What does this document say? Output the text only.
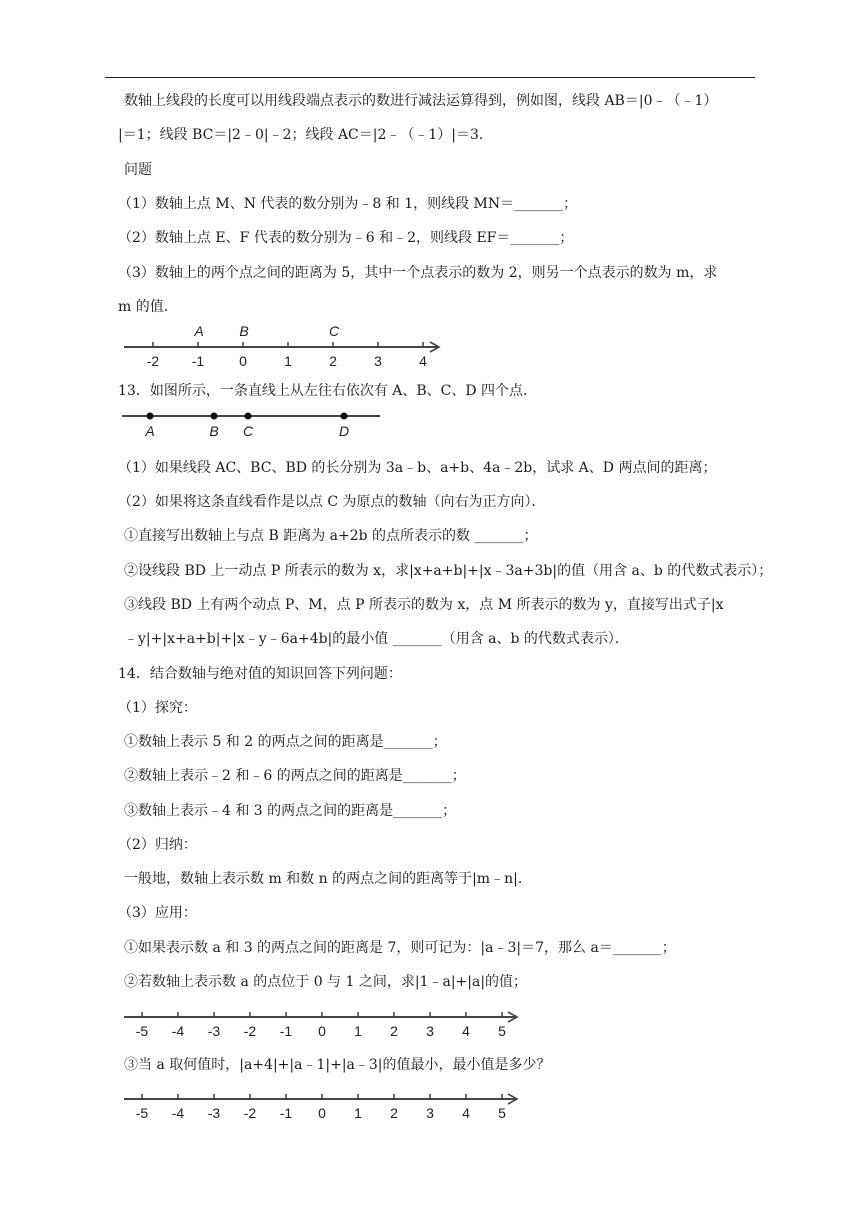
数轴上线段的长度可以用线段端点表示的数进行减法运算得到，例如图，线段 AB＝|0﹣（﹣1）
|＝1；线段 BC＝|2﹣0|﹣2；线段 AC＝|2﹣（﹣1）|＝3．
问题
（1）数轴上点 M、N 代表的数分别为﹣8 和 1，则线段 MN＝_______；
（2）数轴上点 E、F 代表的数分别为﹣6 和﹣2，则线段 EF＝_______；
（3）数轴上的两个点之间的距离为 5，其中一个点表示的数为 2，则另一个点表示的数为 m，求
m 的值．
-2 -1 0	1	2	3	4
A	B	C
13．如图所示，一条直线上从左往右依次有 A、B、C、D 四个点．
A	B C	D
（1）如果线段 AC、BC、BD 的长分别为 3a﹣b、a+b、4a﹣2b，试求 A、D 两点间的距离；
（2）如果将这条直线看作是以点 C 为原点的数轴（向右为正方向）．
①直接写出数轴上与点 B 距离为 a+2b 的点所表示的数 _______；
②设线段 BD 上一动点 P 所表示的数为 x，求|x+a+b|+|x﹣3a+3b|的值（用含 a、b 的代数式表示）；
③线段 BD 上有两个动点 P、M，点 P 所表示的数为 x，点 M 所表示的数为 y，直接写出式子|x
﹣y|+|x+a+b|+|x﹣y﹣6a+4b|的最小值 _______（用含 a、b 的代数式表示）．
14．结合数轴与绝对值的知识回答下列问题：
（1）探究：
①数轴上表示 5 和 2 的两点之间的距离是_______；
②数轴上表示﹣2 和﹣6 的两点之间的距离是_______；
③数轴上表示﹣4 和 3 的两点之间的距离是_______；
（2）归纳：
一般地，数轴上表示数 m 和数 n 的两点之间的距离等于|m﹣n|．
（3）应用：
①如果表示数 a 和 3 的两点之间的距离是 7，则可记为：|a﹣3|＝7，那么 a＝_______；
②若数轴上表示数 a 的点位于 0 与 1 之间，求|1﹣a|+|a|的值；
-5 -4 -3 -2 -1 0 1 2 3 4 5
③当 a 取何值时，|a+4|+|a﹣1|+|a﹣3|的值最小，最小值是多少？
-5 -4 -3 -2 -1 0 1 2 3 4 5
